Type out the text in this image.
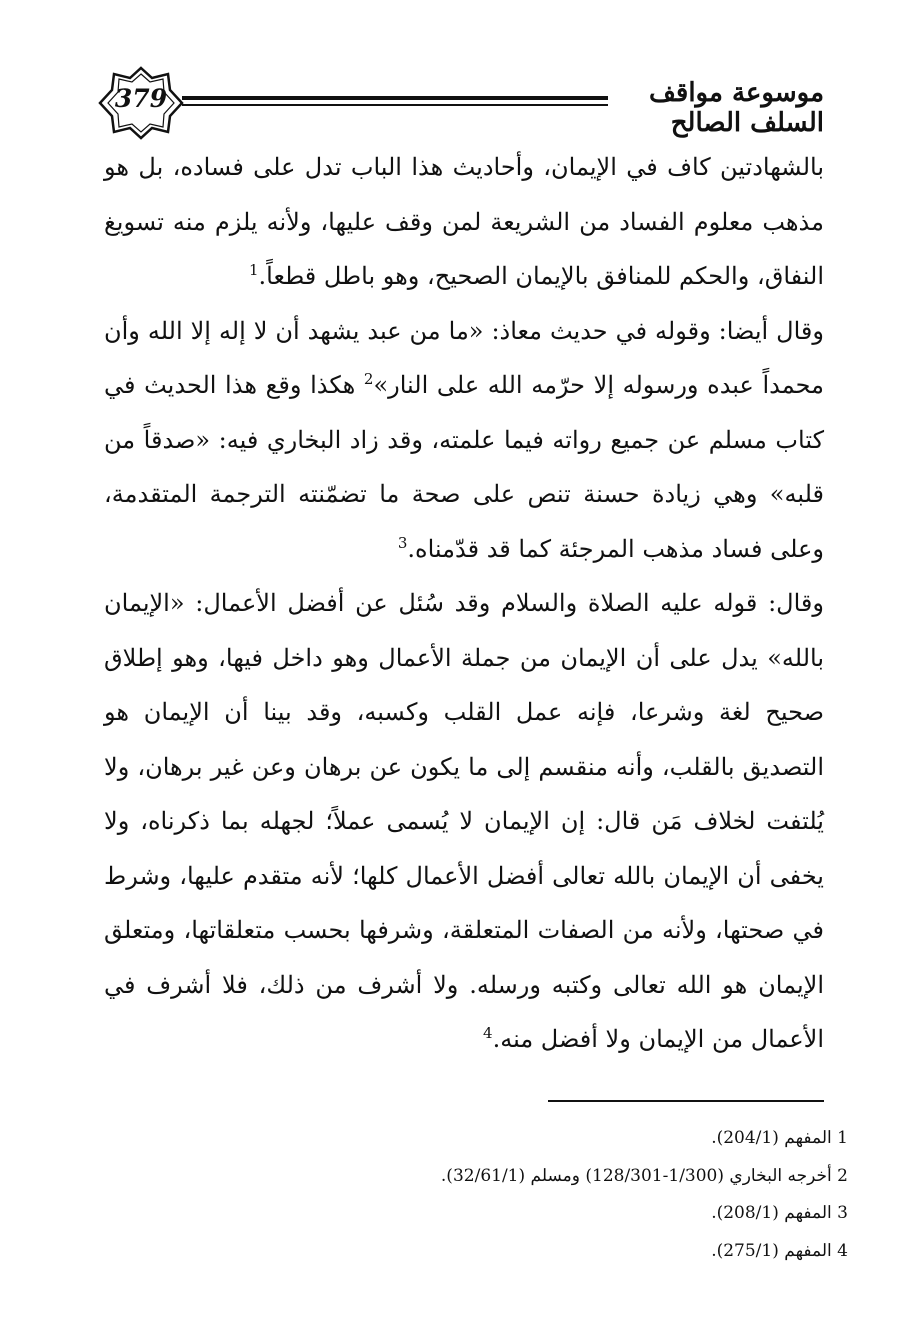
379	موسوعة مواقف السلف الصالح

بالشهادتين كاف في الإيمان، وأحاديث هذا الباب تدل على فساده، بل هو مذهب معلوم الفساد من الشريعة لمن وقف عليها، ولأنه يلزم منه تسويغ النفاق، والحكم للمنافق بالإيمان الصحيح، وهو باطل قطعاً.$^1$

وقال أيضا: وقوله في حديث معاذ: «ما من عبد يشهد أن لا إله إلا الله وأن محمداً عبده ورسوله إلا حرّمه الله على النار»$^2$ هكذا وقع هذا الحديث في كتاب مسلم عن جميع رواته فيما علمته، وقد زاد البخاري فيه: «صدقاً من قلبه» وهي زيادة حسنة تنص على صحة ما تضمّنته الترجمة المتقدمة، وعلى فساد مذهب المرجئة كما قد قدّمناه.$^3$

وقال: قوله عليه الصلاة والسلام وقد سُئل عن أفضل الأعمال: «الإيمان بالله» يدل على أن الإيمان من جملة الأعمال وهو داخل فيها، وهو إطلاق صحيح لغة وشرعا، فإنه عمل القلب وكسبه، وقد بينا أن الإيمان هو التصديق بالقلب، وأنه منقسم إلى ما يكون عن برهان وعن غير برهان، ولا يُلتفت لخلاف مَن قال: إن الإيمان لا يُسمى عملاً؛ لجهله بما ذكرناه، ولا يخفى أن الإيمان بالله تعالى أفضل الأعمال كلها؛ لأنه متقدم عليها، وشرط في صحتها، ولأنه من الصفات المتعلقة، وشرفها بحسب متعلقاتها، ومتعلق الإيمان هو الله تعالى وكتبه ورسله. ولا أشرف من ذلك، فلا أشرف في الأعمال من الإيمان ولا أفضل منه.$^4$

1 المفهم (204/1).
2 أخرجه البخاري (1/300-128/301) ومسلم (32/61/1).
3 المفهم (208/1).
4 المفهم (275/1).
